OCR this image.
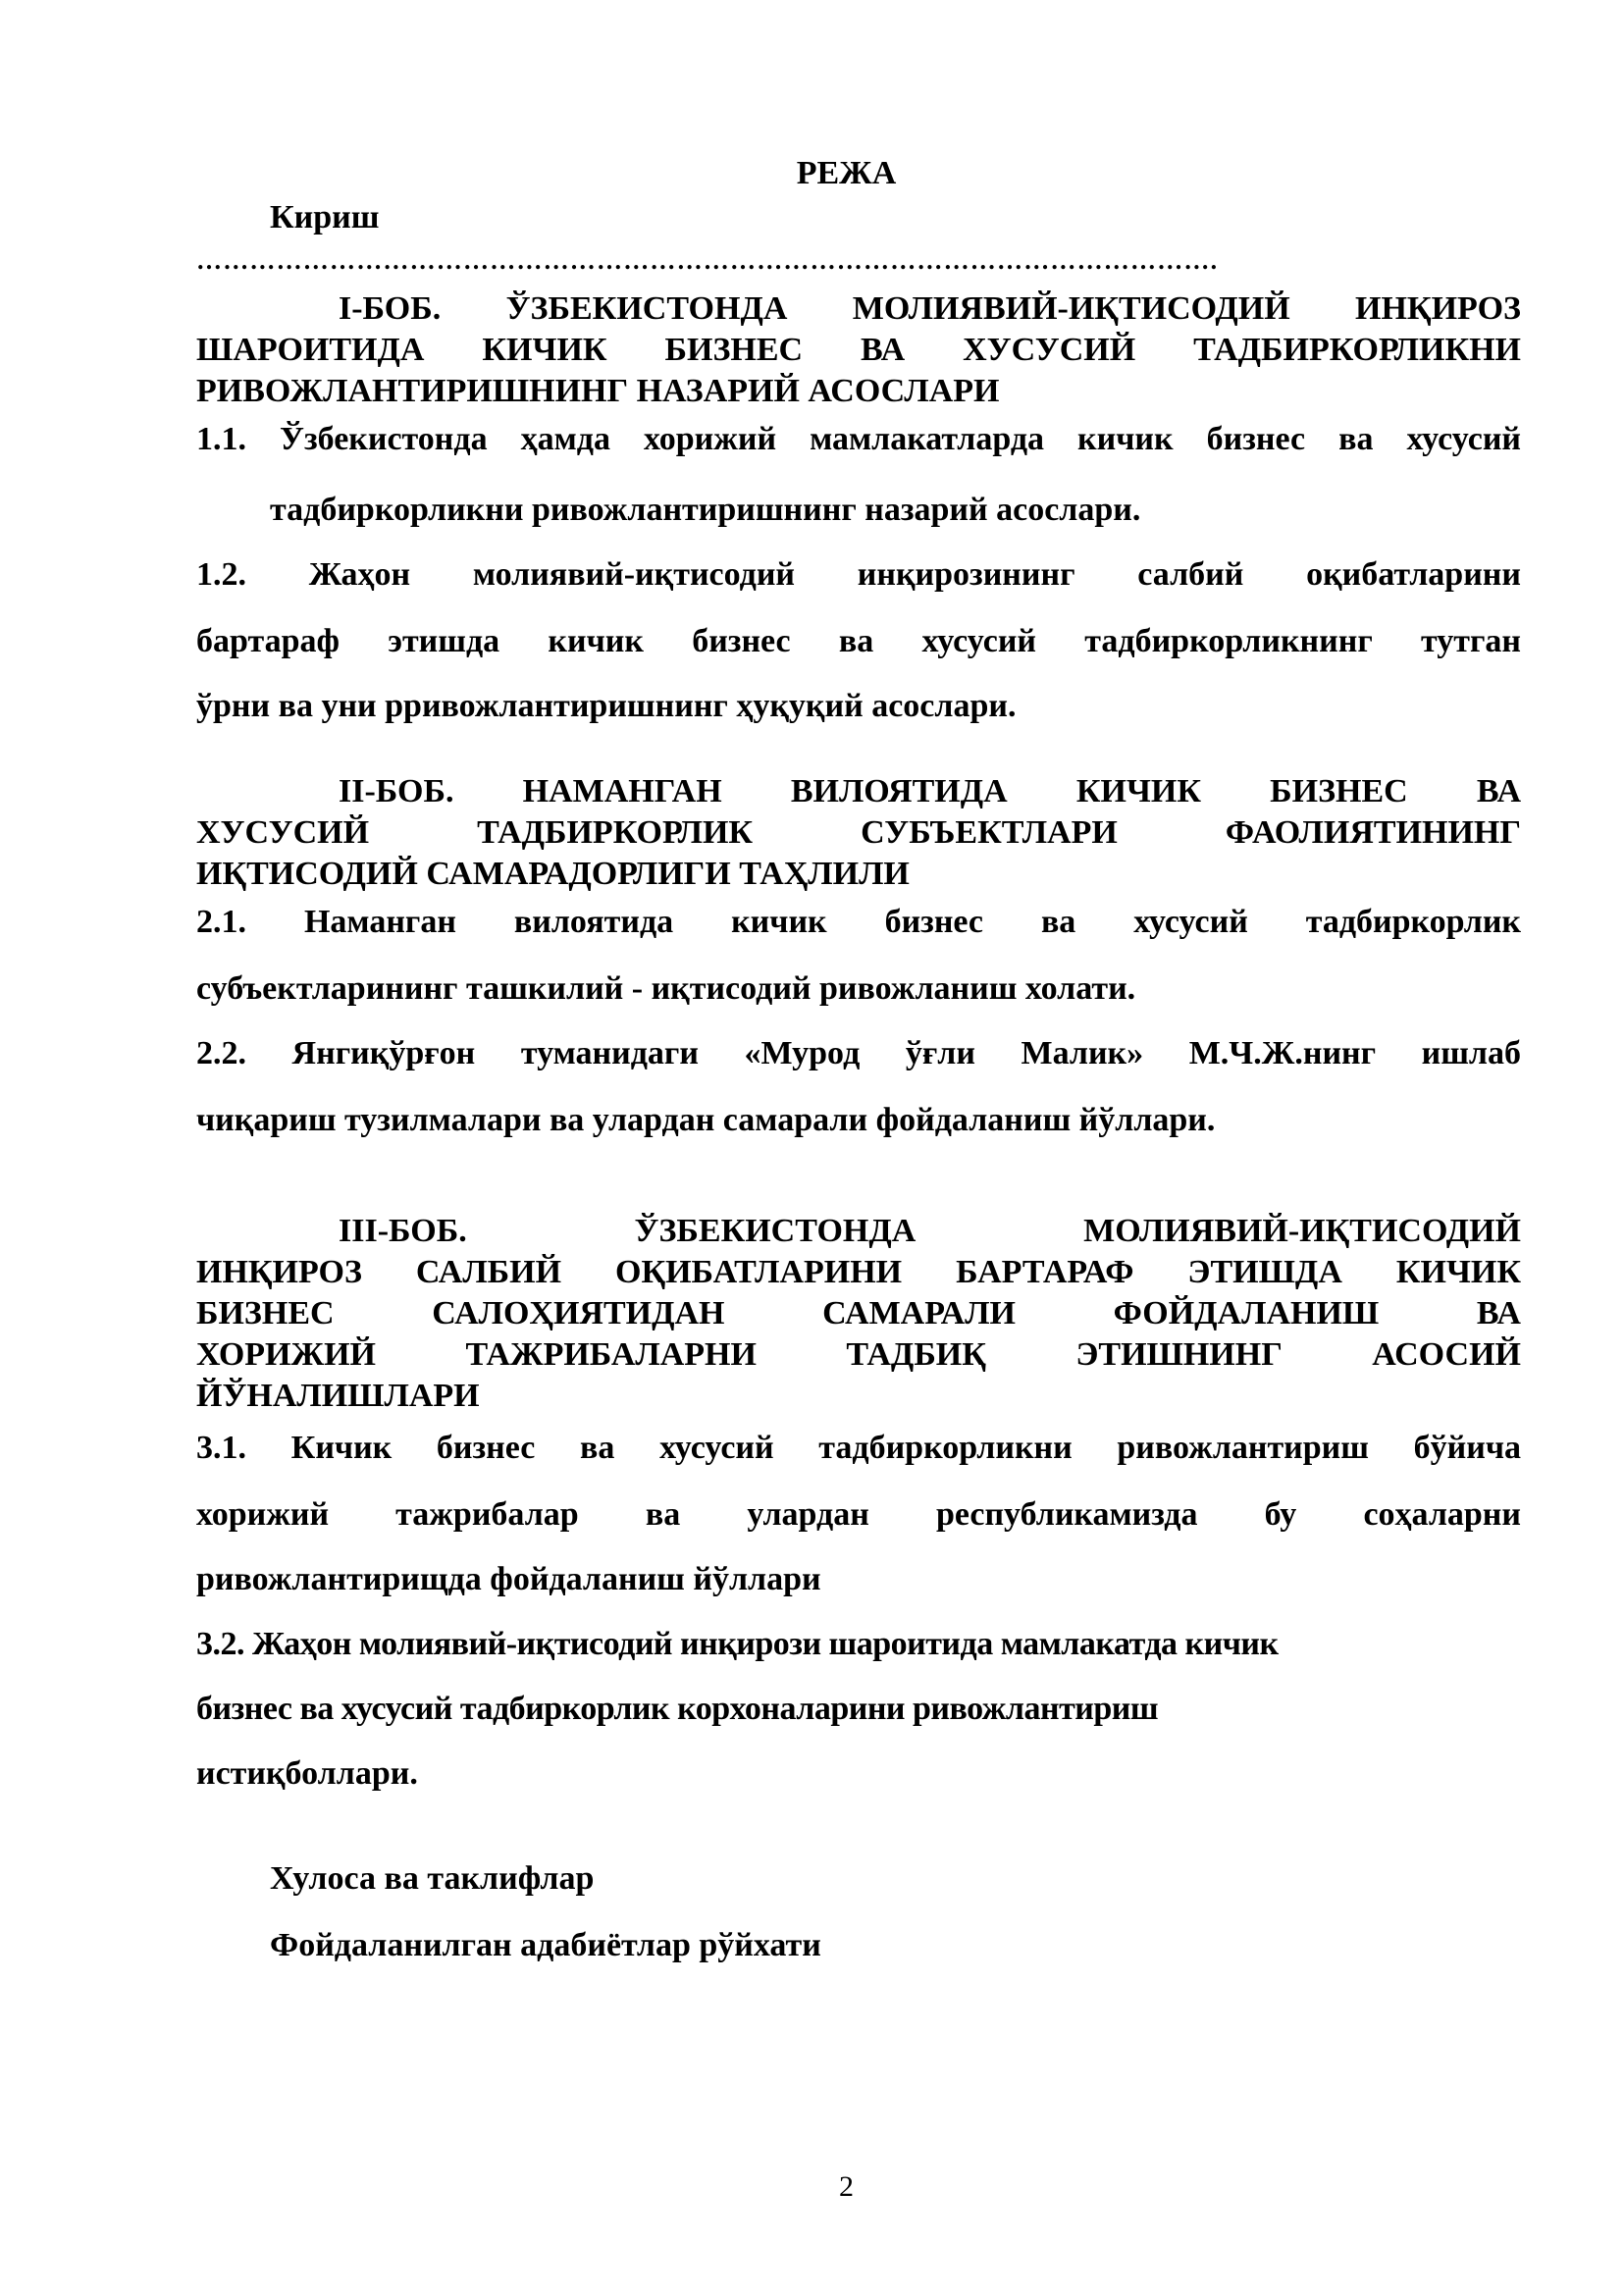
РЕЖА
Кириш
…………………………………………………………………………………………………….
I-БОБ. ЎЗБЕКИСТОНДА МОЛИЯВИЙ-ИҚТИСОДИЙ ИНҚИРОЗ
ШАРОИТИДА КИЧИК БИЗНЕС ВА ХУСУСИЙ ТАДБИРКОРЛИКНИ
РИВОЖЛАНТИРИШНИНГ НАЗАРИЙ АСОСЛАРИ
1.1. Ўзбекистонда ҳамда хорижий мамлакатларда кичик бизнес ва хусусий
тадбиркорликни ривожлантиришнинг назарий асослари.
1.2. Жаҳон молиявий-иқтисодий инқирозининг салбий оқибатларини
бартараф этишда кичик бизнес ва хусусий тадбиркорликнинг тутган
ўрни ва уни рривожлантиришнинг ҳуқуқий асослари.
II-БОБ. НАМАНГАН ВИЛОЯТИДА КИЧИК БИЗНЕС ВА
ХУСУСИЙ ТАДБИРКОРЛИК СУБЪЕКТЛАРИ ФАОЛИЯТИНИНГ
ИҚТИСОДИЙ САМАРАДОРЛИГИ ТАҲЛИЛИ
2.1. Наманган вилоятида кичик бизнес ва хусусий тадбиркорлик
субъектларининг ташкилий - иқтисодий ривожланиш холати.
2.2. Янгиқўрғон туманидаги «Мурод ўғли Малик» М.Ч.Ж.нинг ишлаб
чиқариш тузилмалари ва улардан самарали фойдаланиш йўллари.
III-БОБ. ЎЗБЕКИСТОНДА МОЛИЯВИЙ-ИҚТИСОДИЙ
ИНҚИРОЗ САЛБИЙ ОҚИБАТЛАРИНИ БАРТАРАФ ЭТИШДА КИЧИК
БИЗНЕС САЛОҲИЯТИДАН САМАРАЛИ ФОЙДАЛАНИШ ВА
ХОРИЖИЙ ТАЖРИБАЛАРНИ ТАДБИҚ ЭТИШНИНГ АСОСИЙ
ЙЎНАЛИШЛАРИ
3.1. Кичик бизнес ва хусусий тадбиркорликни ривожлантириш бўйича
хорижий тажрибалар ва улардан республикамизда бу соҳаларни
ривожлантирищда фойдаланиш йўллари
3.2. Жаҳон молиявий-иқтисодий инқирози шароитида мамлакатда кичик
бизнес ва хусусий тадбиркорлик корхоналарини ривожлантириш
истиқболлари.
Хулоса ва таклифлар
Фойдаланилган адабиётлар рўйхати
2
